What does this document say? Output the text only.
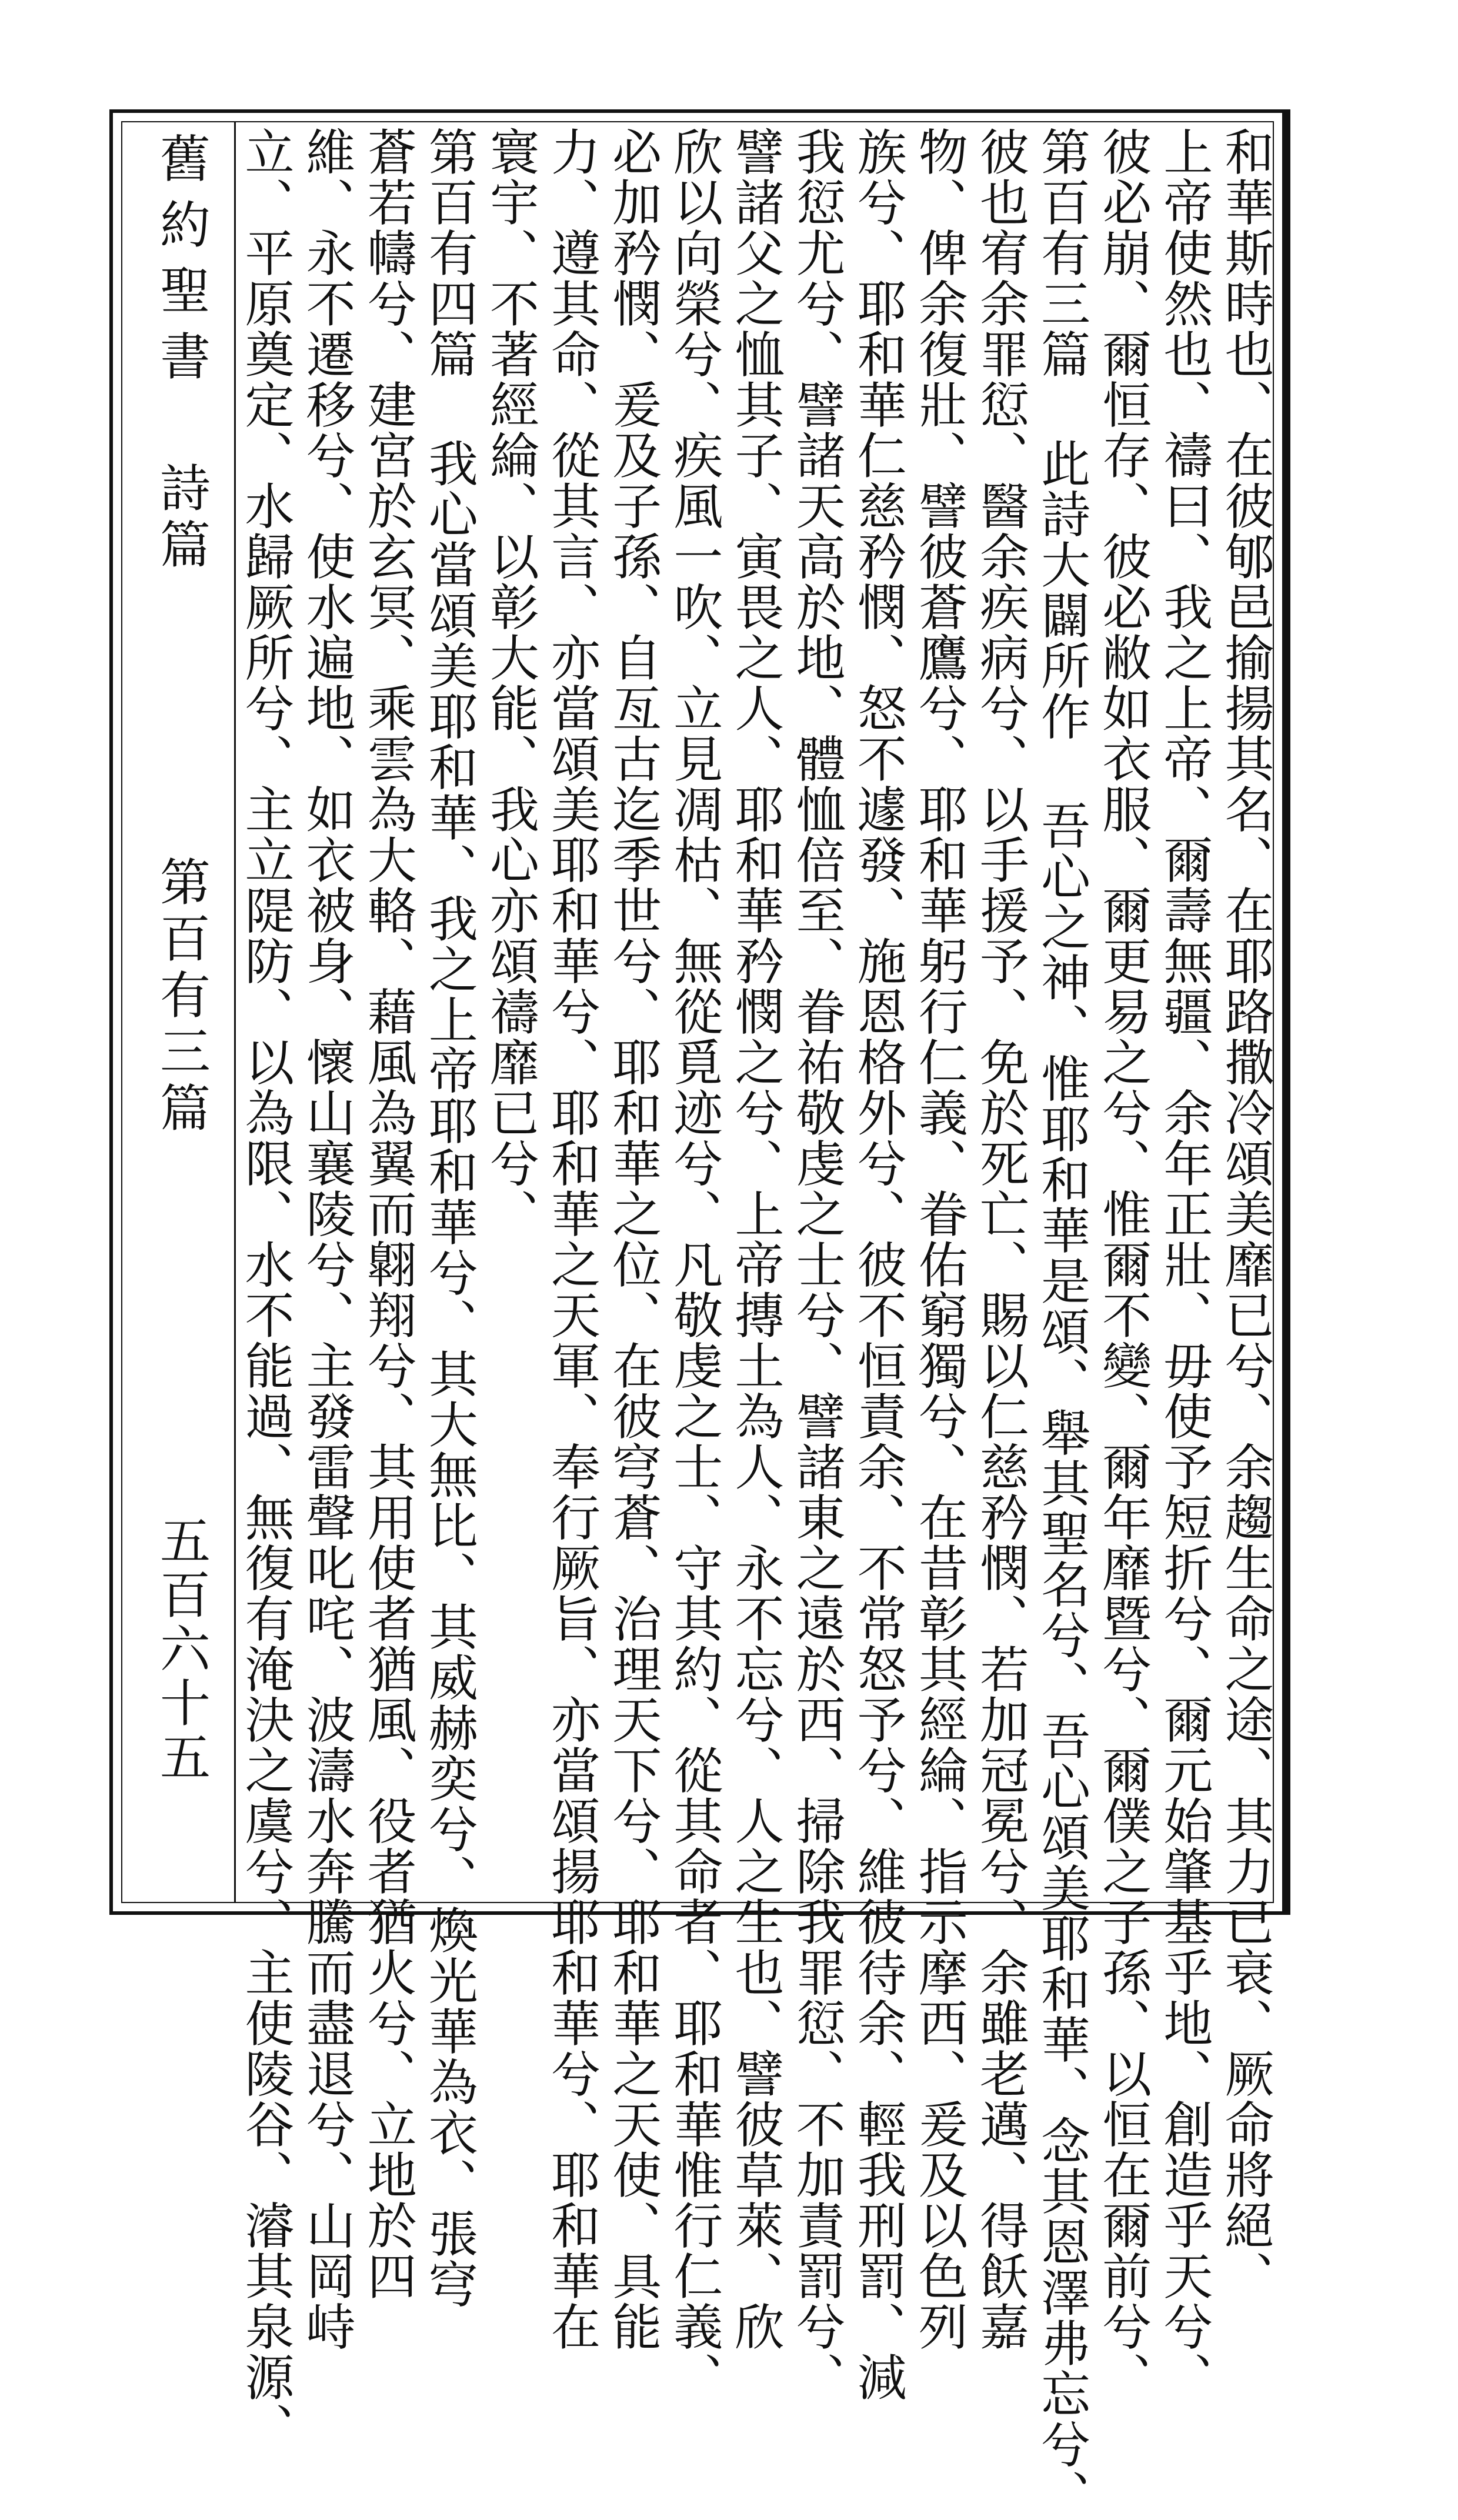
舊約聖書
第百有三篇
五百六十五
詩篇	和華斯時也、在彼郇邑揄揚其名、在耶路撒冷頌美靡已兮、余趨生命之途、其力已衰、厥命將絕、
上帝使然也、禱曰、我之上帝、爾壽無疆、余年正壯、毋使予短折兮、爾元始肇基乎地、創造乎天兮、
彼必崩、爾恒存、彼必敝如衣服、爾更易之兮、惟爾不變、爾年靡暨兮、爾僕之子孫、以恒在爾前兮、
第百有三篇 此詩大闢所作 吾心之神、惟耶和華是頌、舉其聖名兮、吾心頌美耶和華、念其恩澤弗忘兮、
彼也宥余罪愆、醫余疾病兮、以手援予、免於死亡、賜以仁慈矜憫、若加冠冕兮、余雖老邁、得飫嘉
物、俾余復壯、譬彼蒼鷹兮、耶和華躬行仁義、眷佑窮獨兮、在昔彰其經綸、指示摩西、爰及以色列
族兮、耶和華仁慈矜憫、怒不遽發、施恩格外兮、彼不恒責余、不常怒予兮、維彼待余、輕我刑罰、減
我愆尤兮、譬諸天高於地、體恤倍至、眷祐敬虔之士兮、譬諸東之遠於西、掃除我罪愆、不加責罰兮、
譬諸父之恤其子、寅畏之人、耶和華矜憫之兮、上帝摶土為人、永不忘兮、人之生也、譬彼草萊、欣
欣以向榮兮、疾風一吹、立見凋枯、無從覓迹兮、凡敬虔之士、守其約、從其命者、耶和華惟行仁義、
必加矜憫、爰及子孫、自亙古迄季世兮、耶和華之位、在彼穹蒼、治理天下兮、耶和華之天使、具能
力、遵其命、從其言、亦當頌美耶和華兮、耶和華之天軍、奉行厥旨、亦當頌揚耶和華兮、耶和華在
寰宇、不著經綸、以彰大能、我心亦頌禱靡已兮、
第百有四篇 我心當頌美耶和華、我之上帝耶和華兮、其大無比、其威赫奕兮、煥光華為衣、張穹
蒼若幬兮、建宮於玄冥、乘雲為大輅、藉風為翼而翺翔兮、其用使者猶風、役者猶火兮、立地於四
維、永不遷移兮、使水遍地、如衣被身、懷山襄陵兮、主發雷聲叱咤、波濤水奔騰而盡退兮、山岡峙
立、平原奠定、水歸厥所兮、主立隄防、以為限、水不能過、無復有淹決之虞兮、主使陵谷、濬其泉源、
